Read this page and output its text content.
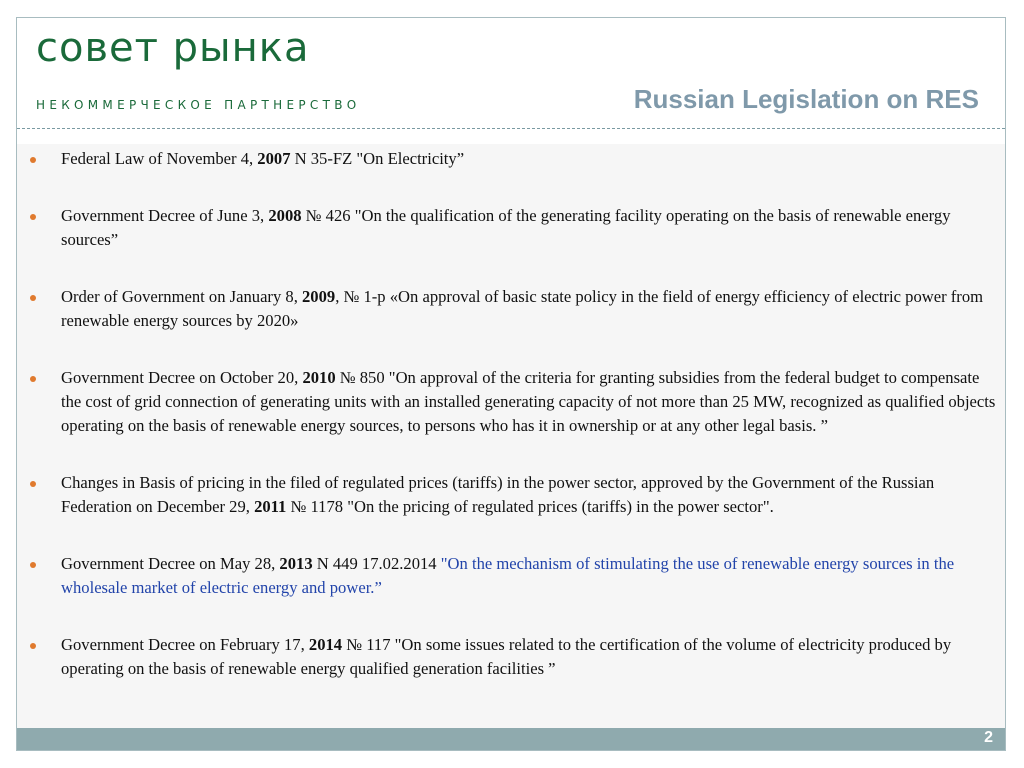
совет рынка
НЕКОММЕРЧЕСКОЕ ПАРТНЕРСТВО	Russian Legislation on RES
Federal Law of November 4, 2007 N 35-FZ "On Electricity”
Government Decree of June 3, 2008 № 426 "On the qualification of the generating facility operating on the basis of renewable energy sources”
Order of Government on January 8, 2009, № 1-р «On approval of basic state policy in the field of energy efficiency of electric power from renewable energy sources by 2020»
Government Decree on October 20, 2010 № 850 "On approval of the criteria for granting subsidies from the federal budget to compensate the cost of grid connection of generating units with an installed generating capacity of not more than 25 MW, recognized as qualified objects operating on the basis of renewable energy sources, to persons who has it in ownership or at any other legal basis. ”
Changes in Basis of pricing in the filed of regulated prices (tariffs) in the power sector, approved by the Government of the Russian Federation on December 29, 2011 № 1178 "On the pricing of regulated prices (tariffs) in the power sector".
Government Decree on May 28, 2013 N 449 17.02.2014 "On the mechanism of stimulating the use of renewable energy sources in the wholesale market of electric energy and power.”
Government Decree on February 17, 2014 № 117 "On some issues related to the certification of the volume of electricity produced by operating on the basis of renewable energy qualified generation facilities ”
2
